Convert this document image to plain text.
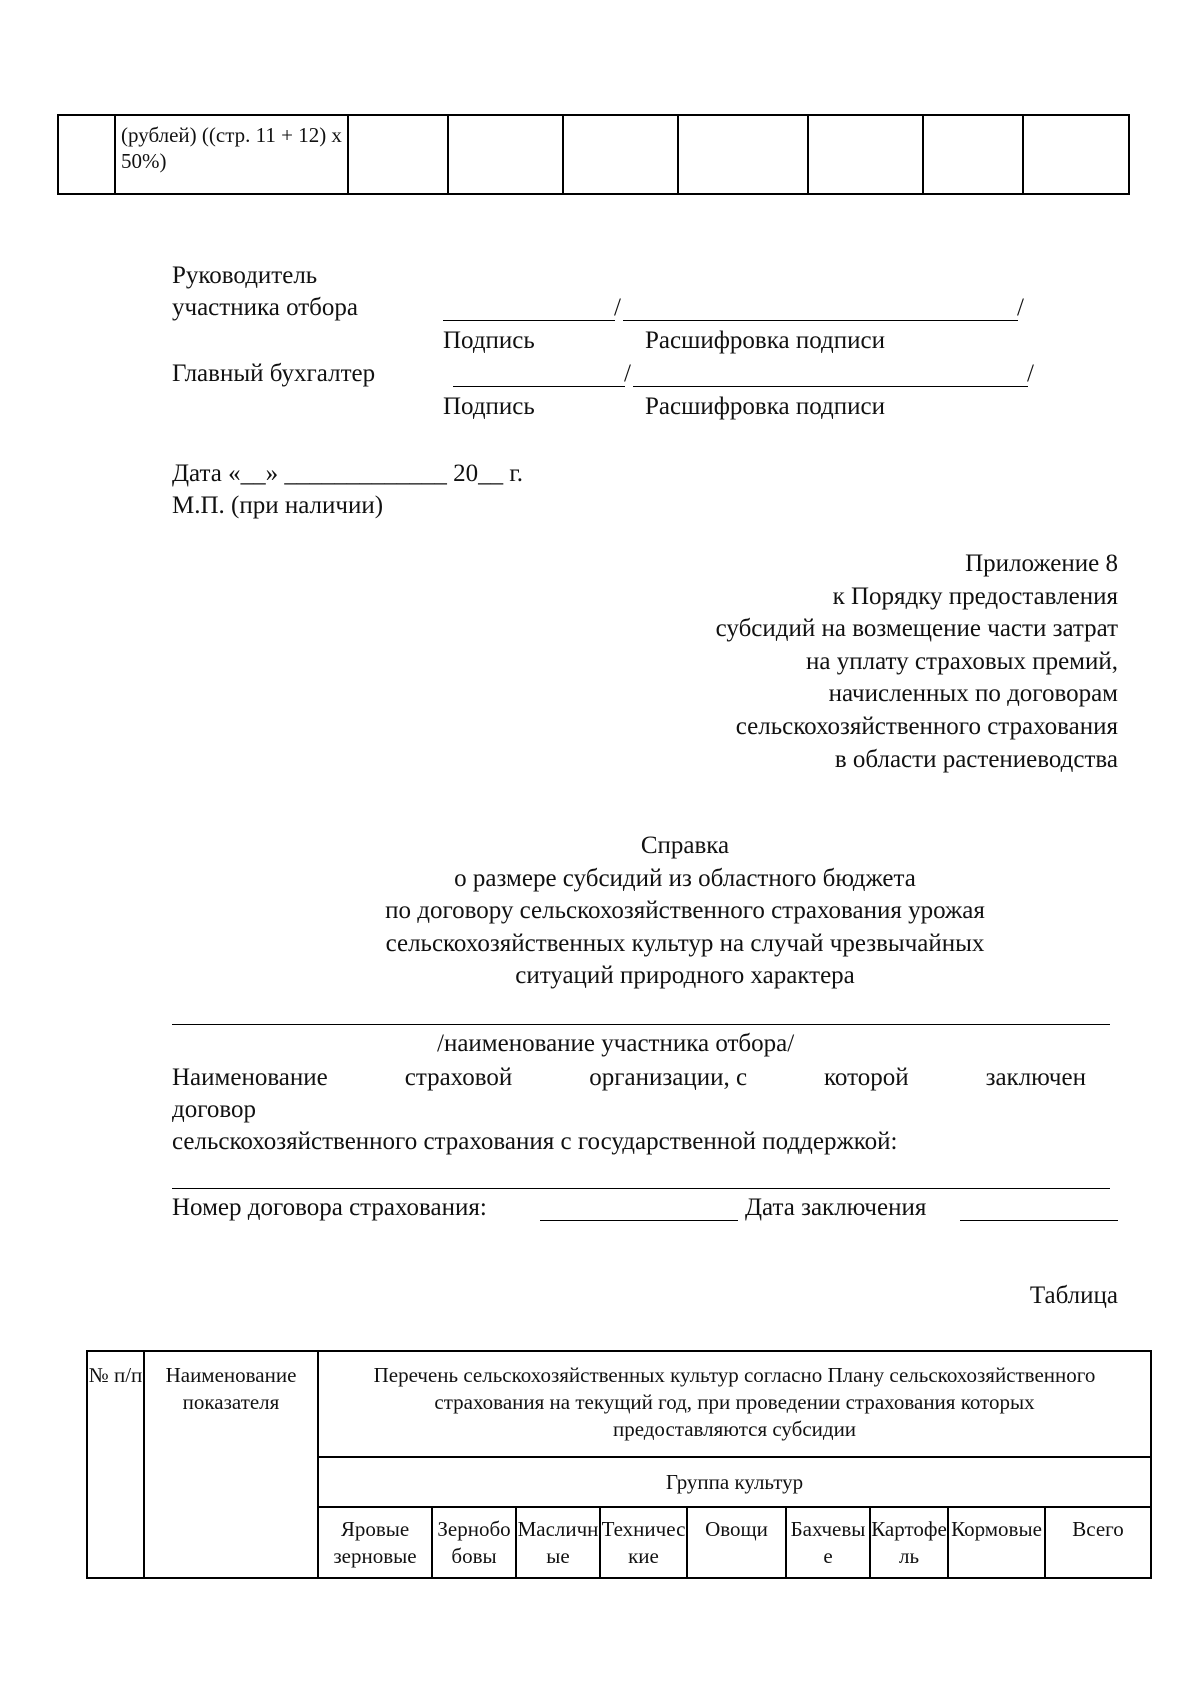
	(рублей) ((стр. 11 + 12) x 50%)							
Руководитель
участника отбора	/	/
Подпись	Расшифровка подписи
Главный бухгалтер	/	/
Подпись	Расшифровка подписи
Дата «__» _____________ 20__ г.
М.П. (при наличии)
Приложение 8
к Порядку предоставления
субсидий на возмещение части затрат
на уплату страховых премий,
начисленных по договорам
сельскохозяйственного страхования
в области растениеводства
Справка
о размере субсидий из областного бюджета
по договору сельскохозяйственного страхования урожая
сельскохозяйственных культур на случай чрезвычайных
ситуаций природного характера
/наименование участника отбора/
Наименование	страховой	организации, с	которой	заключен
договор
сельскохозяйственного страхования с государственной поддержкой:
Номер договора страхования:	Дата заключения
Таблица
№ п/п	Наименование показателя	Перечень сельскохозяйственных культур согласно Плану сельскохозяйственного страхования на текущий год, при проведении страхования которых предоставляются субсидии								
		Группа культур								
		Яровые зерновые	Зернобобовы	Масличные	Технические	Овощи	Бахчевые	Картофель	Кормовые	Всего
